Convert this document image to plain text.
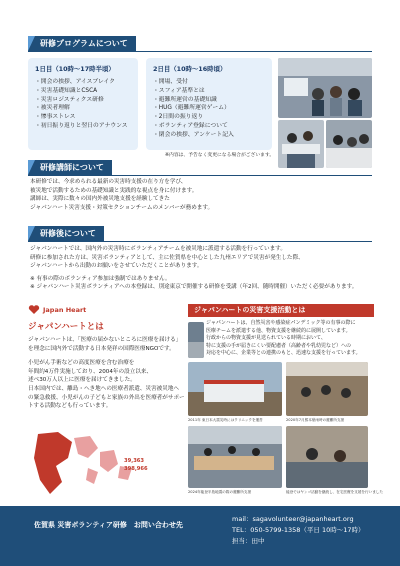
研修プログラムについて
1日目（10時〜17時半頃）
・開会の挨拶、アイスブレイク
・災害基礎知識とCSCA
・災害ロジスティクス研修
・被災者理解
・惨事ストレス
・初日振り返りと翌日のアナウンス
2日目（10時〜16時頃）
・開場、受付
・スフィア基準とは
・避難所運営の基礎知識
・HUG（避難所運営ゲーム）
・2日間の振り返り
・ボランティア登録について
・閉会の挨拶、アンケート記入
※内容は、予告なく変更になる場合がございます。
研修講師について

本研修では、今求められる最新の災害時支援の在り方を学び、

被災地で活動するための基礎知識と実践的な視点を身に付けます。

講師は、実際に数々の国内外被災地支援を経験してきた

ジャパンハート災害支援・対策セクションチームのメンバーが務めます。

研修後について

ジャパンハートでは、国内外の災害時にボランティアチームを被災地に派遣する活動を行っています。

研修に参加された方は、災害ボランティアとして、主に佐賀県を中心とした九州エリアで災害が発生した際、

ジャパンハートから出動のお願いをさせていただくことがあります。

※ 有事の際のボランティア参加は強制ではありません。

※ ジャパンハート災害ボランティアへの本登録は、別途東京で開催する研修を受講（年2回、随時開催）いただく必要があります。

Japan Heart
ジャパンハートとは

ジャパンハートは、「医療の届かないところに医療を届ける」

を理念に国内外で活動する日本発祥の国際医療NGOです。

小児がん手術などの高度医療を含む治療を

年間約4万件実施しており、2004年の設立以来、

述べ30万人以上に医療を届けてきました。

日本国内では、離島・へき地への医療者派遣、災害被災地へ

の緊急救援、小児がんの子どもと家族の外出を医療者がサポー

トする活動なども行っています。

39,363
398,966
ジャパンハートの災害支援活動とは

ジャパンハートは、自然災害や感染症パンデミック等の有事の際に

医療チームを派遣する他、物資支援を継続的に展開しています。

行政からの物資支援が見送られている時期において、

特に支援の手が届きにくい要配慮者（高齢者や乳幼児など）への

対応を中心に、企業等との連携のもと、迅速な支援を行っています。

2011年 東日本大震災時にはクリニックを運営	2020年7月熊本豪雨時の避難所支援
2024年能登半島地震の際の避難所支援	能登ではヤンゴ活動を継続し、在宅医療を支援を行いました
佐賀県 災害ボランティア研修　お問い合わせ先
mail：sagavolunteer@japanheart.org
TEL：050-5799-1358（平日 10時〜17時）
担当：田中
